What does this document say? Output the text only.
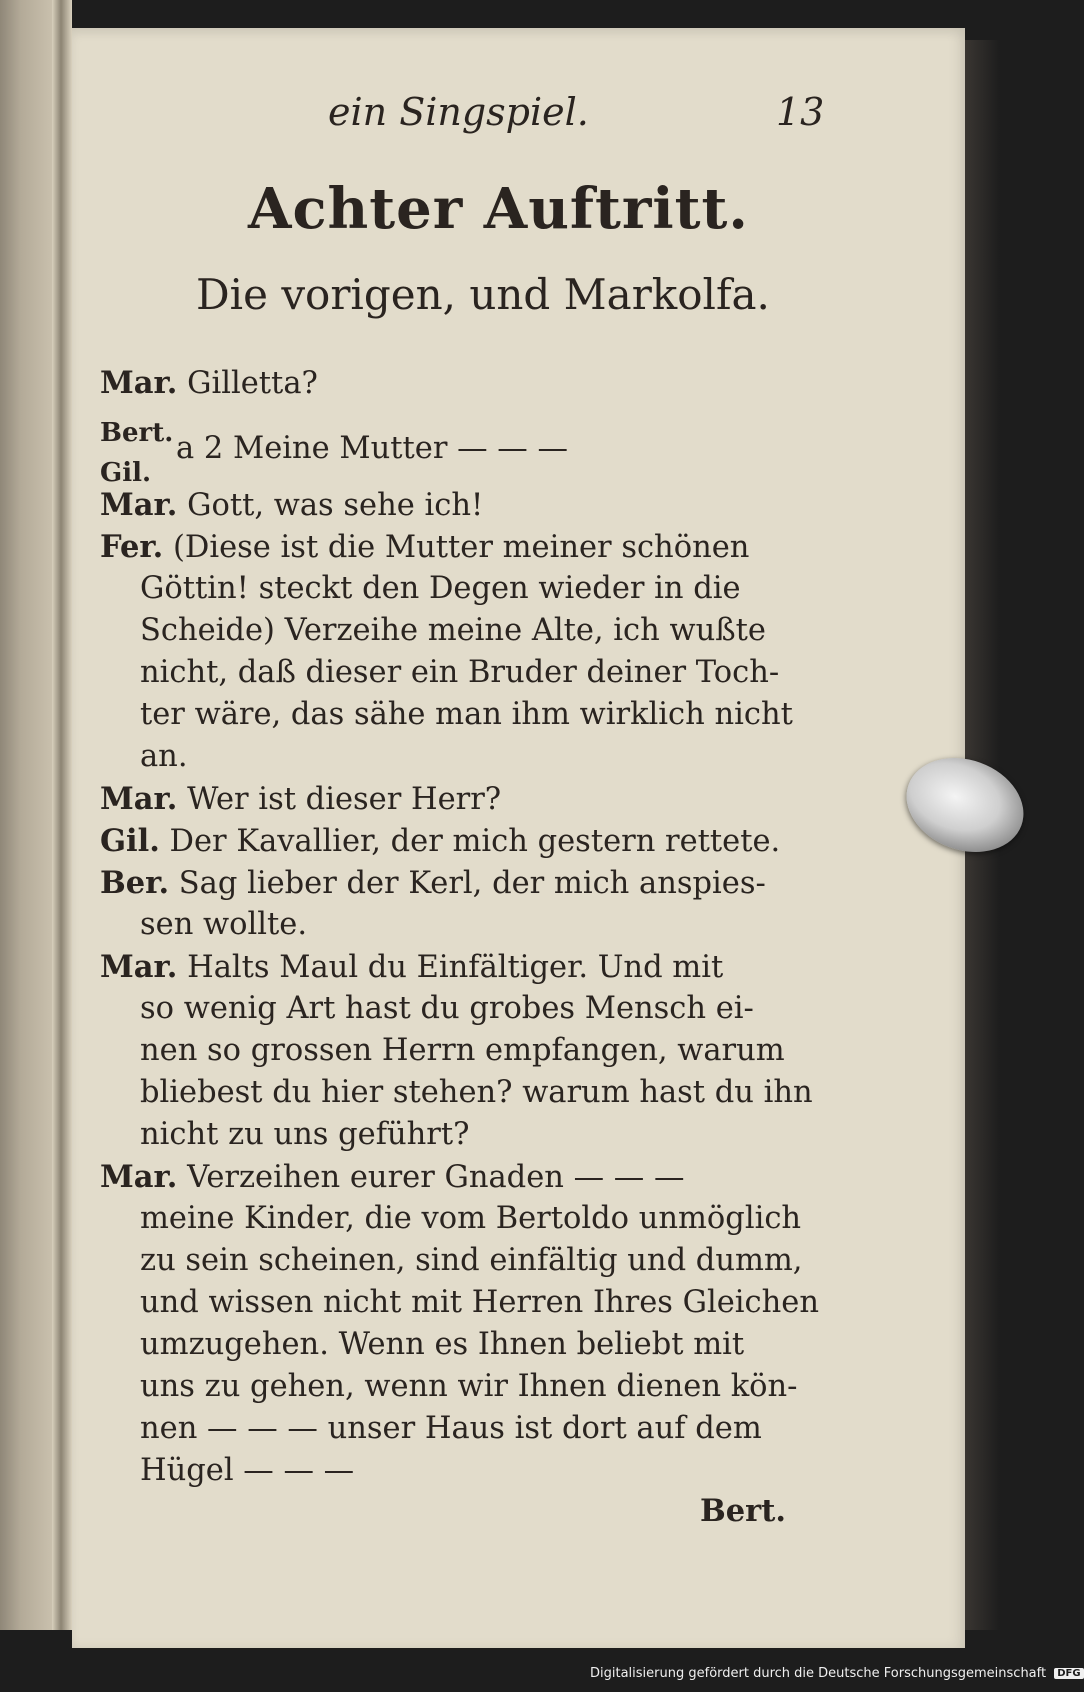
ein Singspiel.	13
Achter Auftritt.
Die vorigen, und Markolfa.
Mar. Gilletta?
Bert.
Gil.
a 2 Meine Mutter — — —
Mar. Gott, was sehe ich!
Fer. (Diese ist die Mutter meiner schönen
Göttin! steckt den Degen wieder in die
Scheide) Verzeihe meine Alte, ich wußte
nicht, daß dieser ein Bruder deiner Toch-
ter wäre, das sähe man ihm wirklich nicht
an.
Mar. Wer ist dieser Herr?
Gil. Der Kavallier, der mich gestern rettete.
Ber. Sag lieber der Kerl, der mich anspies-
sen wollte.
Mar. Halts Maul du Einfältiger. Und mit
so wenig Art hast du grobes Mensch ei-
nen so grossen Herrn empfangen, warum
bliebest du hier stehen? warum hast du ihn
nicht zu uns geführt?
Mar. Verzeihen eurer Gnaden — — —
meine Kinder, die vom Bertoldo unmöglich
zu sein scheinen, sind einfältig und dumm,
und wissen nicht mit Herren Ihres Gleichen
umzugehen. Wenn es Ihnen beliebt mit
uns zu gehen, wenn wir Ihnen dienen kön-
nen — — — unser Haus ist dort auf dem
Hügel — — —
Bert.
Digitalisierung gefördert durch die Deutsche Forschungsgemeinschaft DFG
